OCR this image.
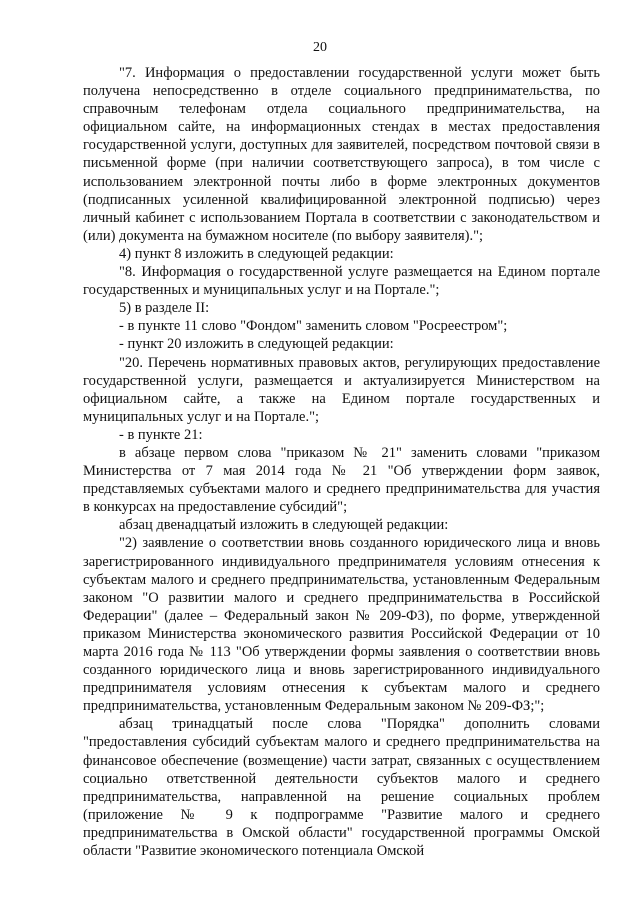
20

"7. Информация о предоставлении государственной услуги может быть получена непосредственно в отделе социального предпринимательства, по справочным телефонам отдела социального предпринимательства, на официальном сайте, на информационных стендах в местах предоставления государственной услуги, доступных для заявителей, посредством почтовой связи в письменной форме (при наличии соответствующего запроса), в том числе с использованием электронной почты либо в форме электронных документов (подписанных усиленной квалифицированной электронной подписью) через личный кабинет с использованием Портала в соответствии с законодательством и (или) документа на бумажном носителе (по выбору заявителя).";

4) пункт 8 изложить в следующей редакции:

"8. Информация о государственной услуге размещается на Едином портале государственных и муниципальных услуг и на Портале.";

5) в разделе II:

- в пункте 11 слово "Фондом" заменить словом "Росреестром";

- пункт 20 изложить в следующей редакции:

"20. Перечень нормативных правовых актов, регулирующих предоставление государственной услуги, размещается и актуализируется Министерством на официальном сайте, а также на Едином портале государственных и муниципальных услуг и на Портале.";

- в пункте 21:

в абзаце первом слова "приказом № 21" заменить словами "приказом Министерства от 7 мая 2014 года № 21 "Об утверждении форм заявок, представляемых субъектами малого и среднего предпринимательства для участия в конкурсах на предоставление субсидий";

абзац двенадцатый изложить в следующей редакции:

"2) заявление о соответствии вновь созданного юридического лица и вновь зарегистрированного индивидуального предпринимателя условиям отнесения к субъектам малого и среднего предпринимательства, установленным Федеральным законом "О развитии малого и среднего предпринимательства в Российской Федерации" (далее – Федеральный закон № 209-ФЗ), по форме, утвержденной приказом Министерства экономического развития Российской Федерации от 10 марта 2016 года № 113 "Об утверждении формы заявления о соответствии вновь созданного юридического лица и вновь зарегистрированного индивидуального предпринимателя условиям отнесения к субъектам малого и среднего предпринимательства, установленным Федеральным законом № 209-ФЗ;";

абзац тринадцатый после слова "Порядка" дополнить словами "предоставления субсидий субъектам малого и среднего предпринимательства на финансовое обеспечение (возмещение) части затрат, связанных с осуществлением социально ответственной деятельности субъектов малого и среднего предпринимательства, направленной на решение социальных проблем (приложение № 9 к подпрограмме "Развитие малого и среднего предпринимательства в Омской области" государственной программы Омской области "Развитие экономического потенциала Омской
